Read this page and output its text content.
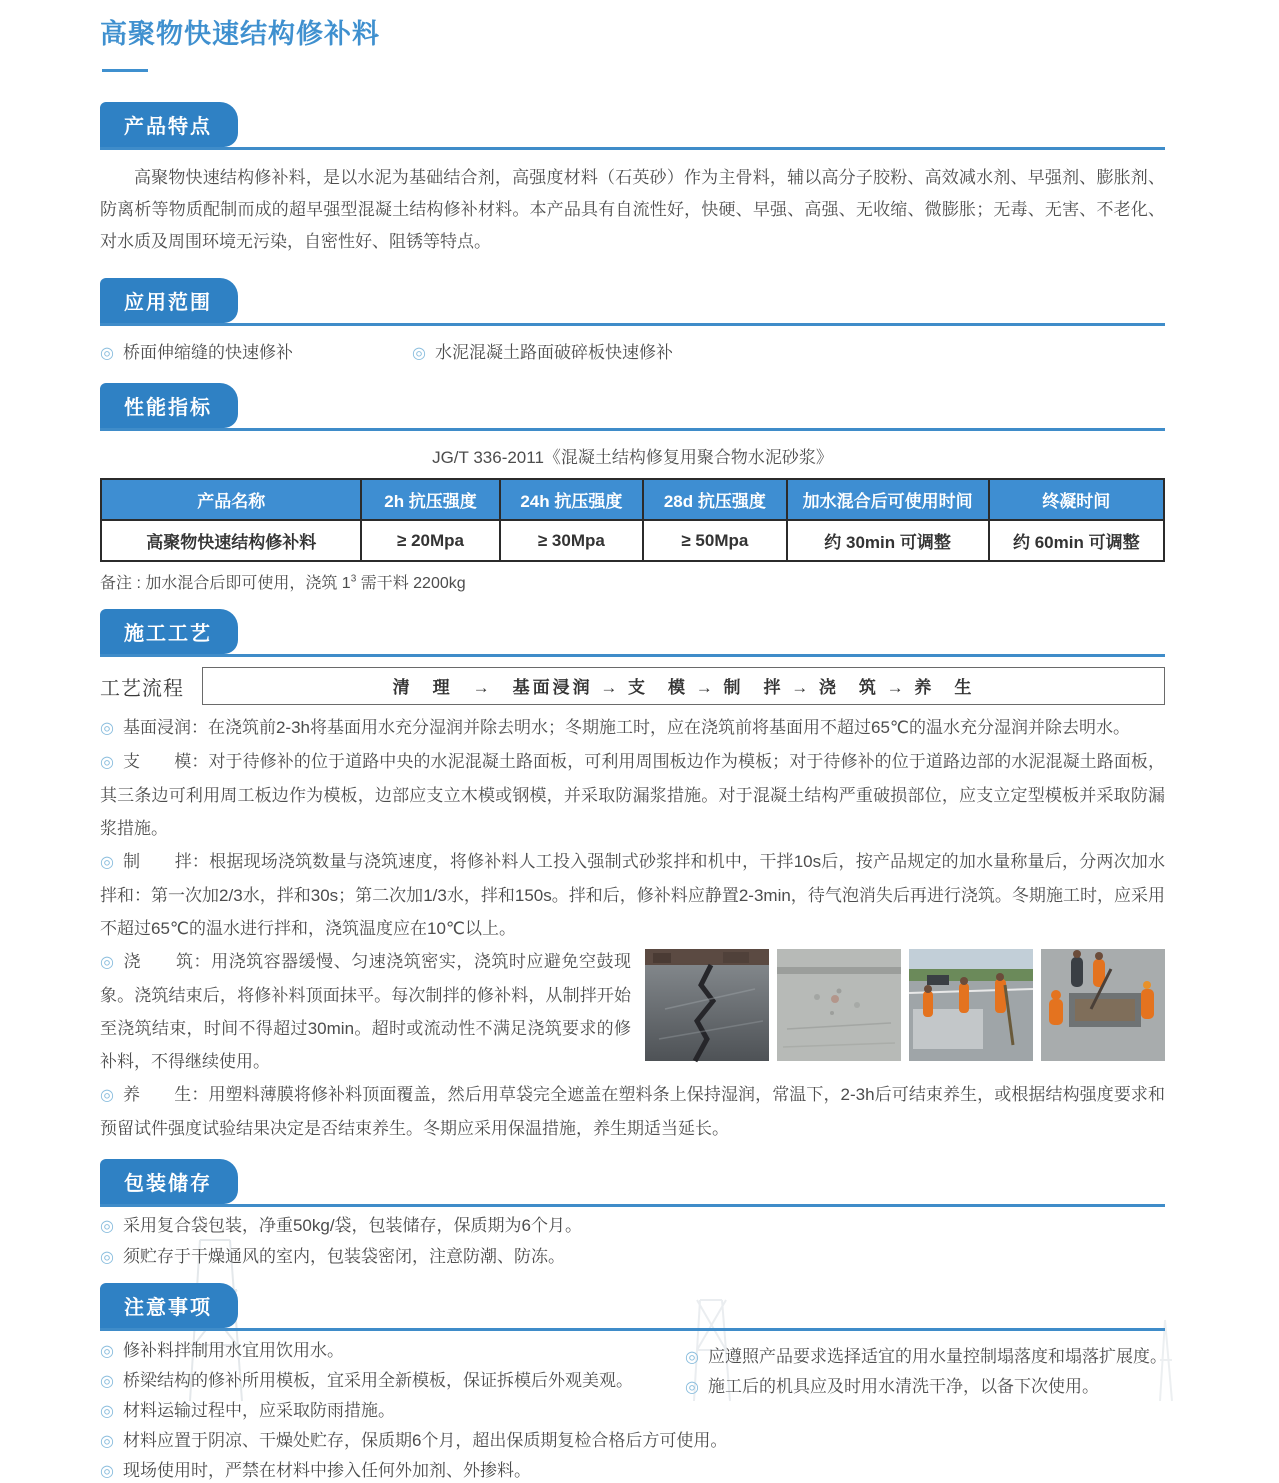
高聚物快速结构修补料
产品特点

高聚物快速结构修补料，是以水泥为基础结合剂，高强度材料（石英砂）作为主骨料，辅以高分子胶粉、高效减水剂、早强剂、膨胀剂、防离析等物质配制而成的超早强型混凝土结构修补材料。本产品具有自流性好，快硬、早强、高强、无收缩、微膨胀；无毒、无害、不老化、对水质及周围环境无污染，自密性好、阻锈等特点。

应用范围
◎ 桥面伸缩缝的快速修补	◎ 水泥混凝土路面破碎板快速修补
性能指标
JG/T 336-2011《混凝土结构修复用聚合物水泥砂浆》
产品名称	2h 抗压强度	24h 抗压强度	28d 抗压强度	加水混合后可使用时间	终凝时间
高聚物快速结构修补料	≥ 20Mpa	≥ 30Mpa	≥ 50Mpa	约 30min 可调整	约 60min 可调整
备注 : 加水混合后即可使用，浇筑 $1^3$ 需干料 2200kg
施工工艺
工艺流程	清　理　→　基面浸润 → 支　模 → 制　拌 → 浇　筑 → 养　生

◎ 基面浸润：在浇筑前2-3h将基面用水充分湿润并除去明水；冬期施工时，应在浇筑前将基面用不超过65℃的温水充分湿润并除去明水。

◎ 支　　模：对于待修补的位于道路中央的水泥混凝土路面板，可利用周围板边作为模板；对于待修补的位于道路边部的水泥混凝土路面板，其三条边可利用周工板边作为模板，边部应支立木模或钢模，并采取防漏浆措施。对于混凝土结构严重破损部位，应支立定型模板并采取防漏浆措施。

◎ 制　　拌：根据现场浇筑数量与浇筑速度，将修补料人工投入强制式砂浆拌和机中，干拌10s后，按产品规定的加水量称量后，分两次加水拌和：第一次加2/3水，拌和30s；第二次加1/3水，拌和150s。拌和后，修补料应静置2-3min，待气泡消失后再进行浇筑。冬期施工时，应采用不超过65℃的温水进行拌和，浇筑温度应在10℃以上。

◎ 浇　　筑：用浇筑容器缓慢、匀速浇筑密实，浇筑时应避免空鼓现象。浇筑结束后，将修补料顶面抹平。每次制拌的修补料，从制拌开始至浇筑结束，时间不得超过30min。超时或流动性不满足浇筑要求的修补料，不得继续使用。

◎ 养　　生：用塑料薄膜将修补料顶面覆盖，然后用草袋完全遮盖在塑料条上保持湿润，常温下，2-3h后可结束养生，或根据结构强度要求和预留试件强度试验结果决定是否结束养生。冬期应采用保温措施，养生期适当延长。

包装储存
◎ 采用复合袋包装，净重50kg/袋，包装储存，保质期为6个月。
◎ 须贮存于干燥通风的室内，包装袋密闭，注意防潮、防冻。
注意事项
◎ 修补料拌制用水宜用饮用水。
◎ 桥梁结构的修补所用模板，宜采用全新模板，保证拆模后外观美观。
◎ 材料运输过程中，应采取防雨措施。
◎ 材料应置于阴凉、干燥处贮存，保质期6个月，超出保质期复检合格后方可使用。
◎ 现场使用时，严禁在材料中掺入任何外加剂、外掺料。
◎ 应遵照产品要求选择适宜的用水量控制塌落度和塌落扩展度。
◎ 施工后的机具应及时用水清洗干净，以备下次使用。
